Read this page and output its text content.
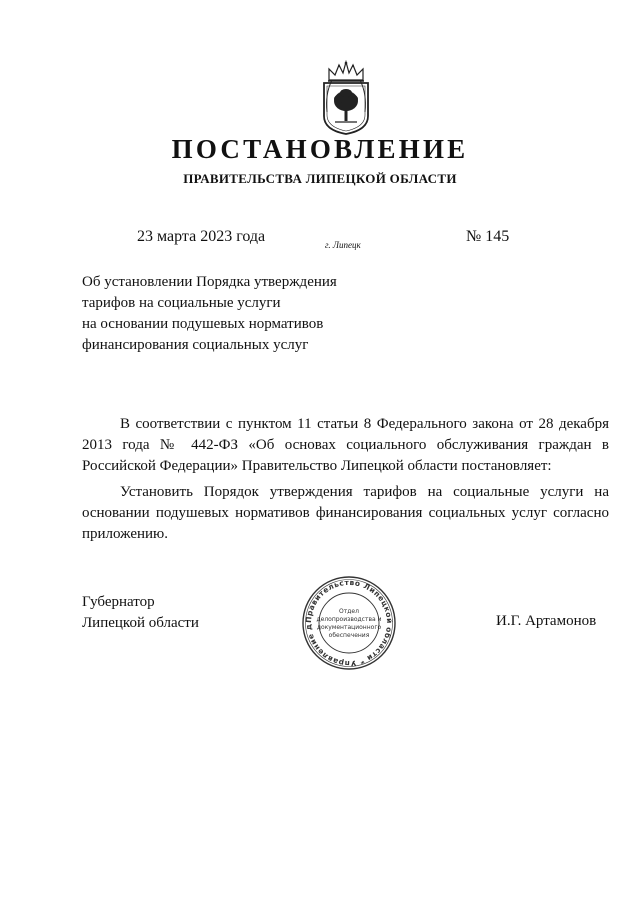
ПОСТАНОВЛЕНИЕ
ПРАВИТЕЛЬСТВА ЛИПЕЦКОЙ ОБЛАСТИ
23 марта 2023 года	г. Липецк	№ 145
Об установлении Порядка утверждения
тарифов на социальные услуги
на основании подушевых нормативов
финансирования социальных услуг

В соответствии с пунктом 11 статьи 8 Федерального закона от 28 декабря 2013 года № 442-ФЗ «Об основах социального обслуживания граждан в Российской Федерации» Правительство Липецкой области постановляет:

Установить Порядок утверждения тарифов на социальные услуги на основании подушевых нормативов финансирования социальных услуг согласно приложению.

Губернатор
Липецкой области	И.Г. Артамонов
Правительство Липецкой области * Управление д
Отдел
делопроизводства и
документационного
обеспечения
